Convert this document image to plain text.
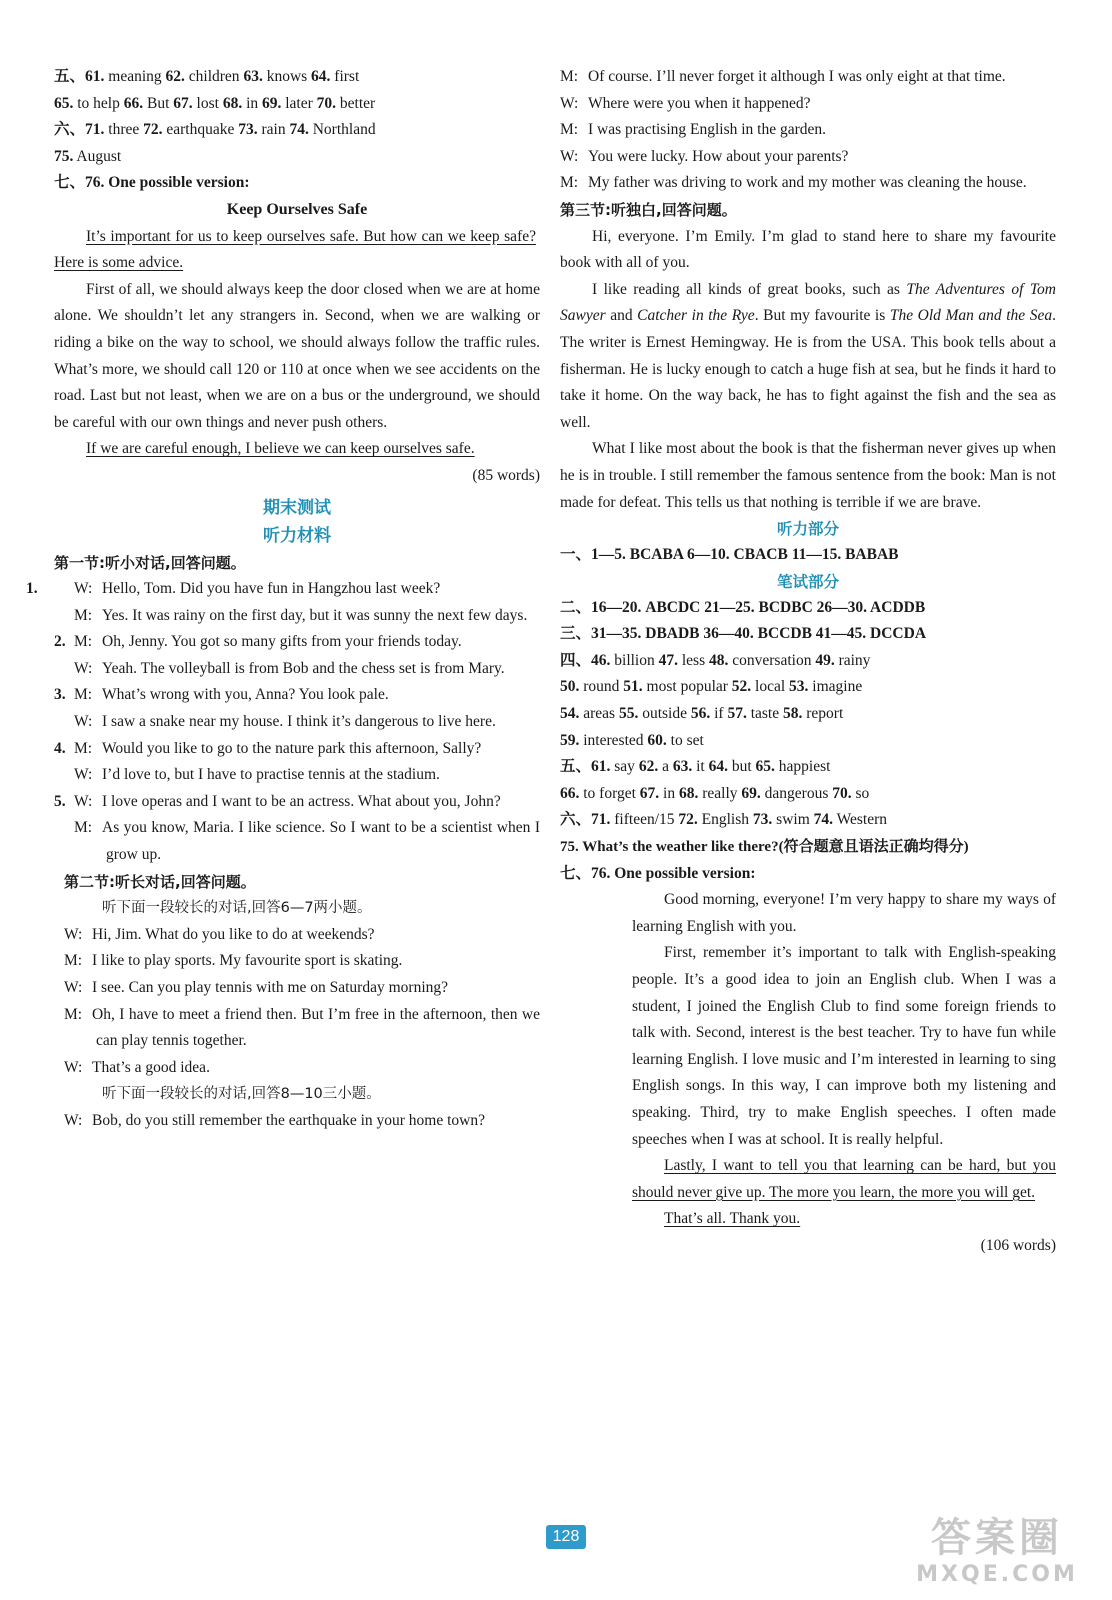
五、61. meaning 62. children 63. knows 64. first
65. to help 66. But 67. lost 68. in 69. later 70. better
六、71. three 72. earthquake 73. rain 74. Northland
75. August
七、76. One possible version:
Keep Ourselves Safe
It’s important for us to keep ourselves safe. But how can we keep safe? Here is some advice.
First of all, we should always keep the door closed when we are at home alone. We shouldn’t let any strangers in. Second, when we are walking or riding a bike on the way to school, we should always follow the traffic rules. What’s more, we should call 120 or 110 at once when we see accidents on the road. Last but not least, when we are on a bus or the underground, we should be careful with our own things and never push others.
If we are careful enough, I believe we can keep ourselves safe.
(85 words)
期末测试
听力材料
第一节:听小对话,回答问题。
1. W: Hello, Tom. Did you have fun in Hangzhou last week?
M: Yes. It was rainy on the first day, but it was sunny the next few days.
2. M: Oh, Jenny. You got so many gifts from your friends today.
W: Yeah. The volleyball is from Bob and the chess set is from Mary.
3. M: What’s wrong with you, Anna? You look pale.
W: I saw a snake near my house. I think it’s dangerous to live here.
4. M: Would you like to go to the nature park this afternoon, Sally?
W: I’d love to, but I have to practise tennis at the stadium.
5. W: I love operas and I want to be an actress. What about you, John?
M: As you know, Maria. I like science. So I want to be a scientist when I grow up.
第二节:听长对话,回答问题。
听下面一段较长的对话,回答6—7两小题。
W: Hi, Jim. What do you like to do at weekends?
M: I like to play sports. My favourite sport is skating.
W: I see. Can you play tennis with me on Saturday morning?
M: Oh, I have to meet a friend then. But I’m free in the afternoon, then we can play tennis together.
W: That’s a good idea.
听下面一段较长的对话,回答8—10三小题。
W: Bob, do you still remember the earthquake in your home town?
M: Of course. I’ll never forget it although I was only eight at that time.
W: Where were you when it happened?
M: I was practising English in the garden.
W: You were lucky. How about your parents?
M: My father was driving to work and my mother was cleaning the house.
第三节:听独白,回答问题。
Hi, everyone. I’m Emily. I’m glad to stand here to share my favourite book with all of you.
I like reading all kinds of great books, such as The Adventures of Tom Sawyer and Catcher in the Rye. But my favourite is The Old Man and the Sea. The writer is Ernest Hemingway. He is from the USA. This book tells about a fisherman. He is lucky enough to catch a huge fish at sea, but he finds it hard to take it home. On the way back, he has to fight against the fish and the sea as well.
What I like most about the book is that the fisherman never gives up when he is in trouble. I still remember the famous sentence from the book: Man is not made for defeat. This tells us that nothing is terrible if we are brave.
听力部分
一、1—5. BCABA 6—10. CBACB 11—15. BABAB
笔试部分
二、16—20. ABCDC 21—25. BCDBC 26—30. ACDDB
三、31—35. DBADB 36—40. BCCDB 41—45. DCCDA
四、46. billion 47. less 48. conversation 49. rainy
50. round 51. most popular 52. local 53. imagine
54. areas 55. outside 56. if 57. taste 58. report
59. interested 60. to set
五、61. say 62. a 63. it 64. but 65. happiest
66. to forget 67. in 68. really 69. dangerous 70. so
六、71. fifteen/15 72. English 73. swim 74. Western
75. What’s the weather like there?(符合题意且语法正确均得分)
七、76. One possible version:
Good morning, everyone! I’m very happy to share my ways of learning English with you.
First, remember it’s important to talk with English-speaking people. It’s a good idea to join an English club. When I was a student, I joined the English Club to find some foreign friends to talk with. Second, interest is the best teacher. Try to have fun while learning English. I love music and I’m interested in learning to sing English songs. In this way, I can improve both my listening and speaking. Third, try to make English speeches. I often made speeches when I was at school. It is really helpful.
Lastly, I want to tell you that learning can be hard, but you should never give up. The more you learn, the more you will get.
That’s all. Thank you.
(106 words)
128	答案圈
MXQE.COM
